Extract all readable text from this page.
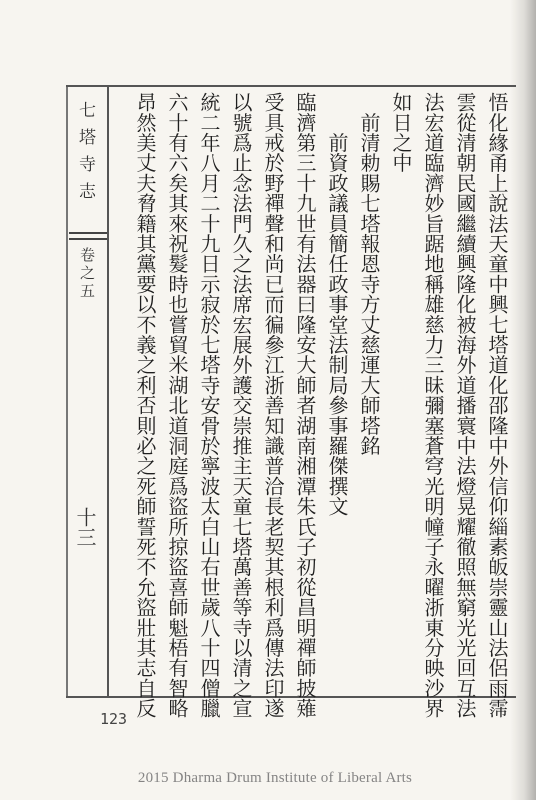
七塔寺志
卷之五
十三	悟化緣甬上說法天童中興七塔道化邵隆中外信仰緇素皈崇靈山法侶雨霈
雲從清朝民國繼續興隆化被海外道播寰中法燈晃耀徹照無窮光光回互法
法宏道臨濟妙旨踞地稱雄慈力三昧彌塞蒼穹光明幢子永曜浙東分映沙界
如日之中
　前清勅賜七塔報恩寺方丈慈運大師塔銘
　　前資政議員簡任政事堂法制局參事羅傑撰文
臨濟第三十九世有法器曰隆安大師者湖南湘潭朱氏子初從昌明禪師披薙
受具戒於野禪聲和尚已而徧參江浙善知識普洽長老契其根利爲傳法印遂
以號爲止念法門久之法席宏展外護交崇推主天童七塔萬善等寺以清之宣
統二年八月二十九日示寂於七塔寺安骨於寧波太白山右世歲八十四僧臘
六十有六矣其來祝髮時也嘗貿米湖北道洞庭爲盜所掠盜喜師魁梧有智略
昂然美丈夫脅籍其黨要以不義之利否則必之死師誓死不允盜壯其志自反
123
2015 Dharma Drum Institute of Liberal Arts
